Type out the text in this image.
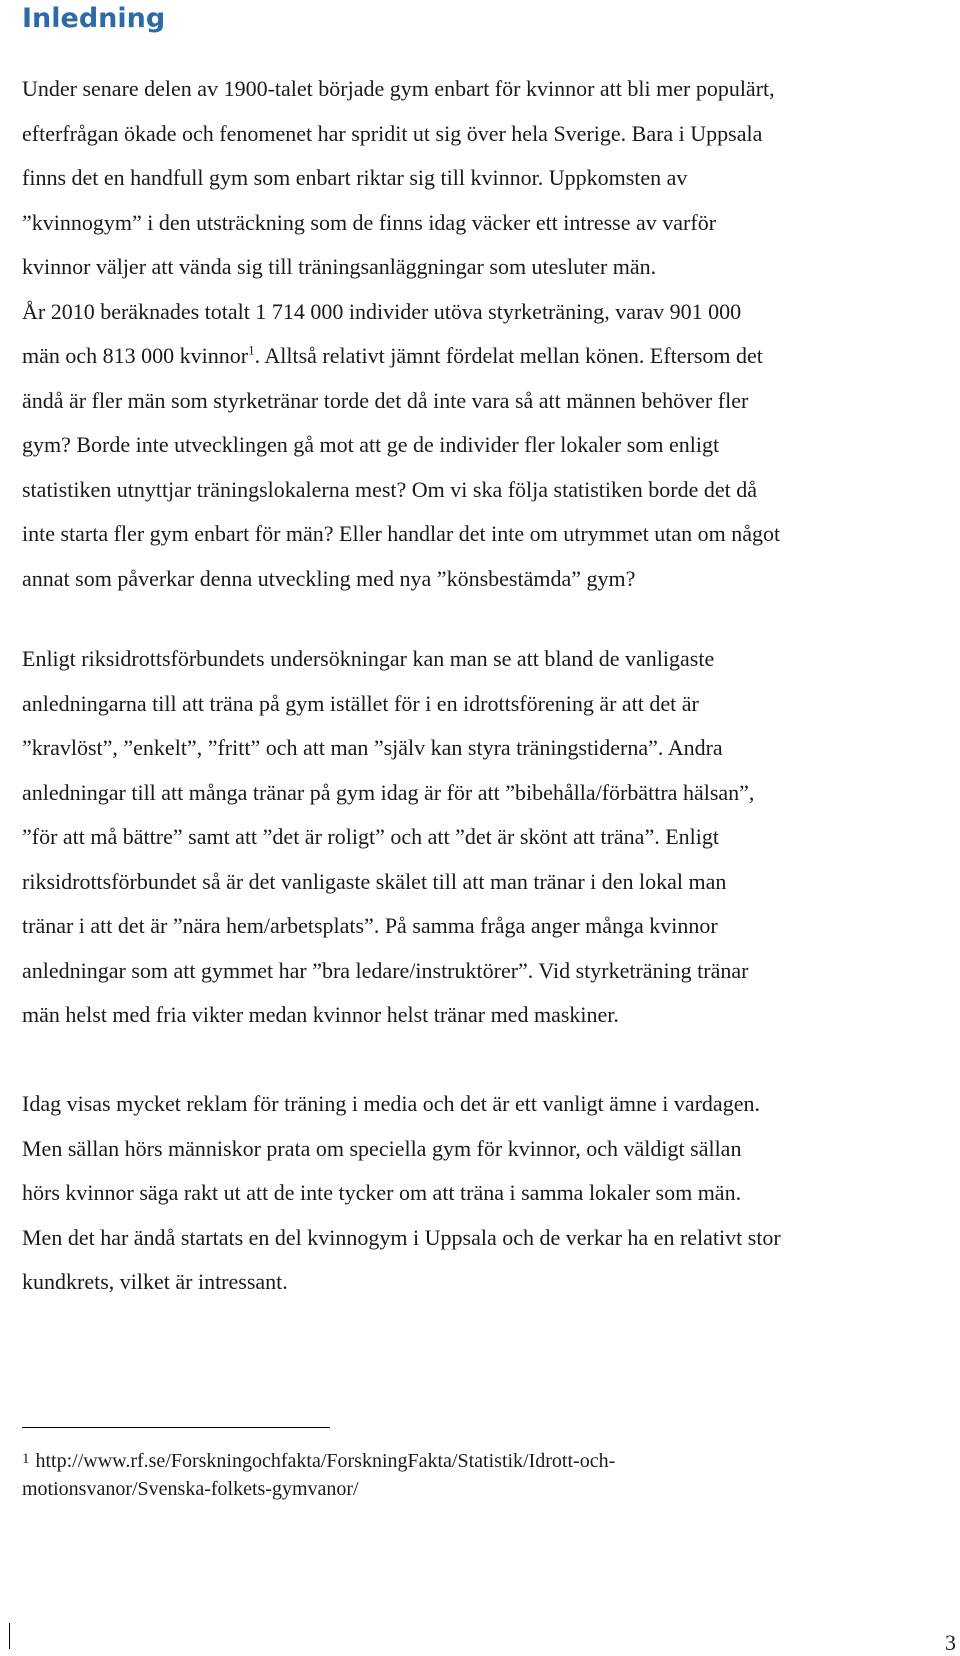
Inledning

Under senare delen av 1900-talet började gym enbart för kvinnor att bli mer populärt,
efterfrågan ökade och fenomenet har spridit ut sig över hela Sverige. Bara i Uppsala
finns det en handfull gym som enbart riktar sig till kvinnor. Uppkomsten av
”kvinnogym” i den utsträckning som de finns idag väcker ett intresse av varför
kvinnor väljer att vända sig till träningsanläggningar som utesluter män.
År 2010 beräknades totalt 1 714 000 individer utöva styrketräning, varav 901 000
män och 813 000 kvinnor$^1$. Alltså relativt jämnt fördelat mellan könen. Eftersom det
ändå är fler män som styrketränar torde det då inte vara så att männen behöver fler
gym? Borde inte utvecklingen gå mot att ge de individer fler lokaler som enligt
statistiken utnyttjar träningslokalerna mest? Om vi ska följa statistiken borde det då
inte starta fler gym enbart för män? Eller handlar det inte om utrymmet utan om något
annat som påverkar denna utveckling med nya ”könsbestämda” gym?

Enligt riksidrottsförbundets undersökningar kan man se att bland de vanligaste
anledningarna till att träna på gym istället för i en idrottsförening är att det är
”kravlöst”, ”enkelt”, ”fritt” och att man ”själv kan styra träningstiderna”. Andra
anledningar till att många tränar på gym idag är för att ”bibehålla/förbättra hälsan”,
”för att må bättre” samt att ”det är roligt” och att ”det är skönt att träna”. Enligt
riksidrottsförbundet så är det vanligaste skälet till att man tränar i den lokal man
tränar i att det är ”nära hem/arbetsplats”. På samma fråga anger många kvinnor
anledningar som att gymmet har ”bra ledare/instruktörer”. Vid styrketräning tränar
män helst med fria vikter medan kvinnor helst tränar med maskiner.

Idag visas mycket reklam för träning i media och det är ett vanligt ämne i vardagen.
Men sällan hörs människor prata om speciella gym för kvinnor, och väldigt sällan
hörs kvinnor säga rakt ut att de inte tycker om att träna i samma lokaler som män.
Men det har ändå startats en del kvinnogym i Uppsala och de verkar ha en relativt stor
kundkrets, vilket är intressant.

$^1$ http://www.rf.se/Forskningochfakta/ForskningFakta/Statistik/Idrott-och-
motionsvanor/Svenska-folkets-gymvanor/
3
